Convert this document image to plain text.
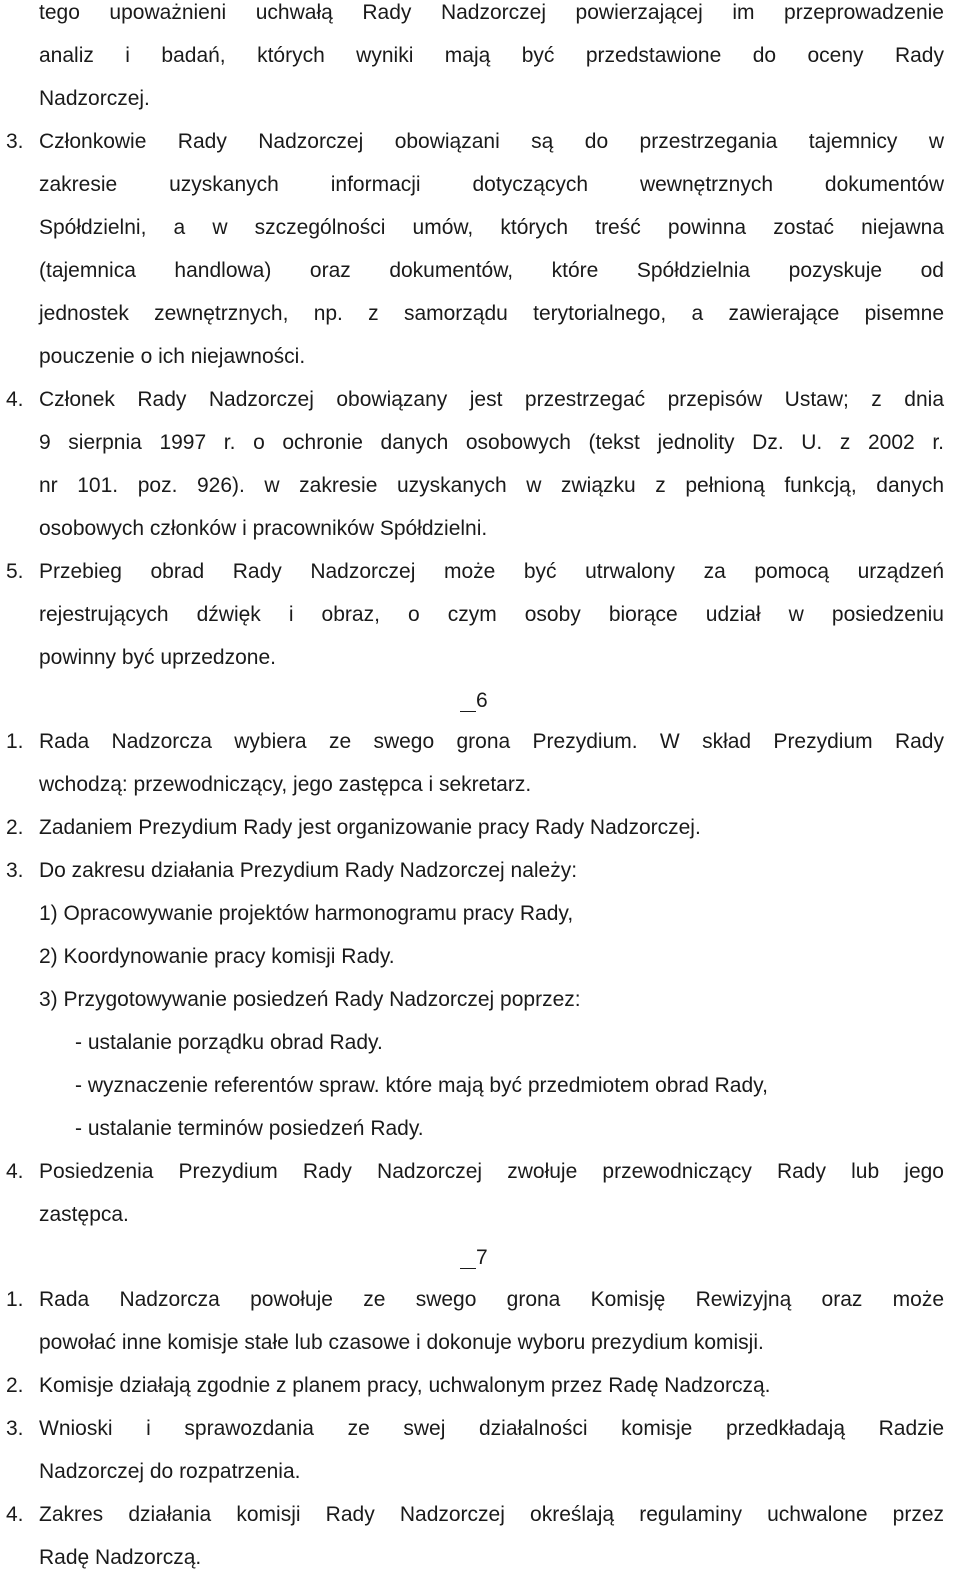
tego upoważnieni uchwałą Rady Nadzorczej powierzającej im przeprowadzenie

analiz i badań, których wyniki mają być przedstawione do oceny Rady

Nadzorczej.

3. Członkowie Rady Nadzorczej obowiązani są do przestrzegania tajemnicy w

zakresie uzyskanych informacji dotyczących wewnętrznych dokumentów

Spółdzielni, a w szczególności umów, których treść powinna zostać niejawna

(tajemnica handlowa) oraz dokumentów, które Spółdzielnia pozyskuje od

jednostek zewnętrznych, np. z samorządu terytorialnego, a zawierające pisemne

pouczenie o ich niejawności.

4. Członek Rady Nadzorczej obowiązany jest przestrzegać przepisów Ustaw; z dnia

9 sierpnia 1997 r. o ochronie danych osobowych (tekst jednolity Dz. U. z 2002 r.

nr 101. poz. 926). w zakresie uzyskanych w związku z pełnioną funkcją, danych

osobowych członków i pracowników Spółdzielni.

5. Przebieg obrad Rady Nadzorczej może być utrwalony za pomocą urządzeń

rejestrujących dźwięk i obraz, o czym osoby biorące udział w posiedzeniu

powinny być uprzedzone.

6

1. Rada Nadzorcza wybiera ze swego grona Prezydium. W skład Prezydium Rady

wchodzą: przewodniczący, jego zastępca i sekretarz.

2. Zadaniem Prezydium Rady jest organizowanie pracy Rady Nadzorczej.

3. Do zakresu działania Prezydium Rady Nadzorczej należy:

1) Opracowywanie projektów harmonogramu pracy Rady,

2) Koordynowanie pracy komisji Rady.

3) Przygotowywanie posiedzeń Rady Nadzorczej poprzez:

- ustalanie porządku obrad Rady.

- wyznaczenie referentów spraw. które mają być przedmiotem obrad Rady,

- ustalanie terminów posiedzeń Rady.

4. Posiedzenia Prezydium Rady Nadzorczej zwołuje przewodniczący Rady lub jego

zastępca.

7

1. Rada Nadzorcza powołuje ze swego grona Komisję Rewizyjną oraz może

powołać inne komisje stałe lub czasowe i dokonuje wyboru prezydium komisji.

2. Komisje działają zgodnie z planem pracy, uchwalonym przez Radę Nadzorczą.

3. Wnioski i sprawozdania ze swej działalności komisje przedkładają Radzie

Nadzorczej do rozpatrzenia.

4. Zakres działania komisji Rady Nadzorczej określają regulaminy uchwalone przez

Radę Nadzorczą.
